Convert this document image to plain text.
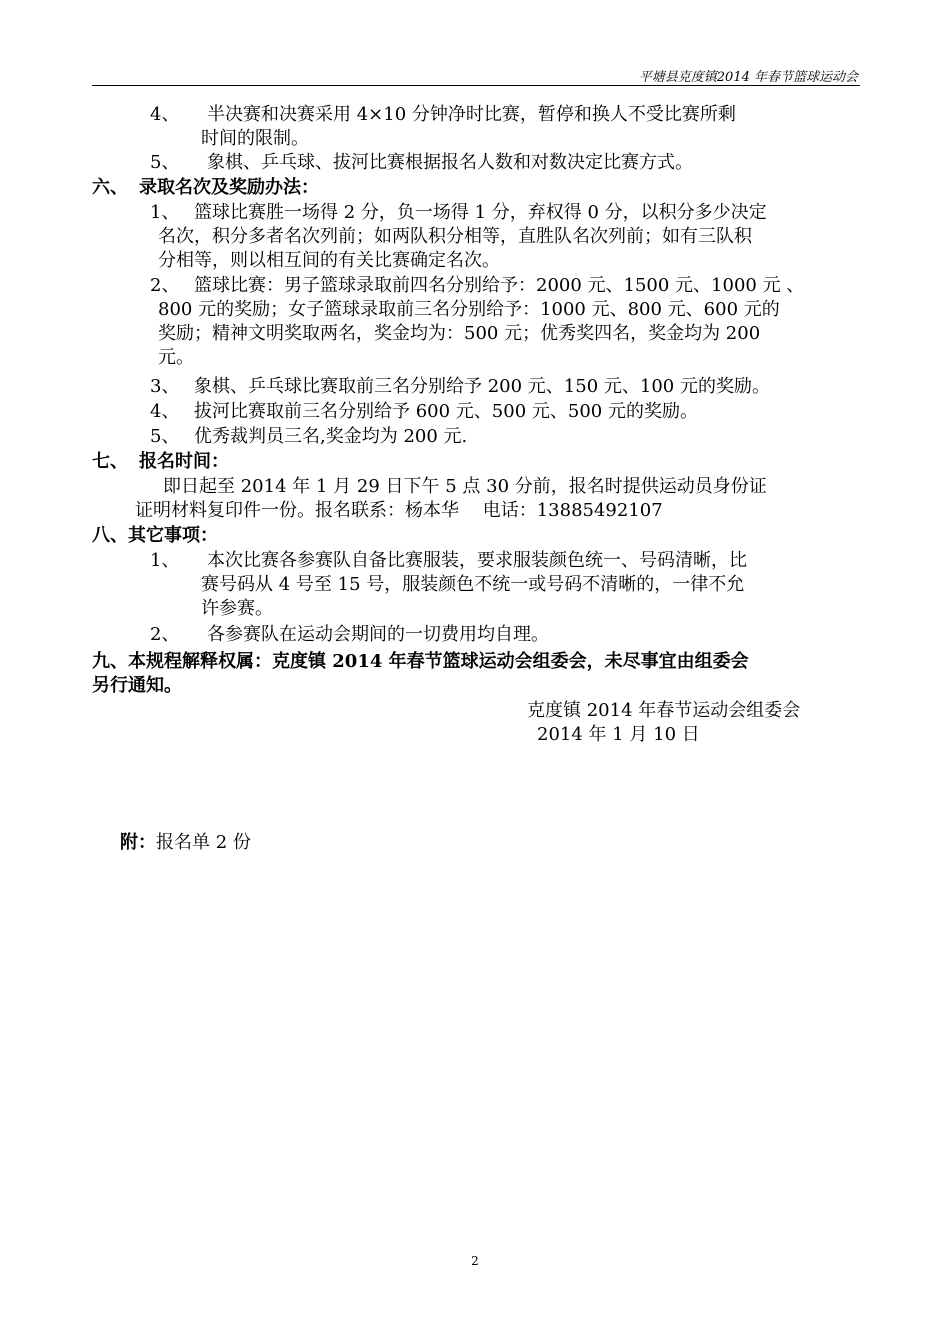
平塘县克度镇2014 年春节篮球运动会
4、 半决赛和决赛采用 4×10 分钟净时比赛，暂停和换人不受比赛所剩
时间的限制。
5、 象棋、乒乓球、拔河比赛根据报名人数和对数决定比赛方式。
六、 录取名次及奖励办法：
1、 篮球比赛胜一场得 2 分，负一场得 1 分，弃权得 0 分，以积分多少决定
名次，积分多者名次列前；如两队积分相等，直胜队名次列前；如有三队积
分相等，则以相互间的有关比赛确定名次。
2、 篮球比赛：男子篮球录取前四名分别给予：2000 元、1500 元、1000 元 、
800 元的奖励；女子篮球录取前三名分别给予：1000 元、800 元、600 元的
奖励；精神文明奖取两名，奖金均为：500 元；优秀奖四名，奖金均为 200
元。
3、 象棋、乒乓球比赛取前三名分别给予 200 元、150 元、100 元的奖励。
4、 拔河比赛取前三名分别给予 600 元、500 元、500 元的奖励。
5、 优秀裁判员三名,奖金均为 200 元.
七、 报名时间：
即日起至 2014 年 1 月 29 日下午 5 点 30 分前，报名时提供运动员身份证
证明材料复印件一份。报名联系：杨本华　 电话：13885492107
八、其它事项：
1、 本次比赛各参赛队自备比赛服装，要求服装颜色统一、号码清晰，比
赛号码从 4 号至 15 号，服装颜色不统一或号码不清晰的，一律不允
许参赛。
2、 各参赛队在运动会期间的一切费用均自理。
九、本规程解释权属：克度镇 2014 年春节篮球运动会组委会，未尽事宜由组委会
另行通知。
克度镇 2014 年春节运动会组委会
2014 年 1 月 10 日
附：报名单 2 份
2
